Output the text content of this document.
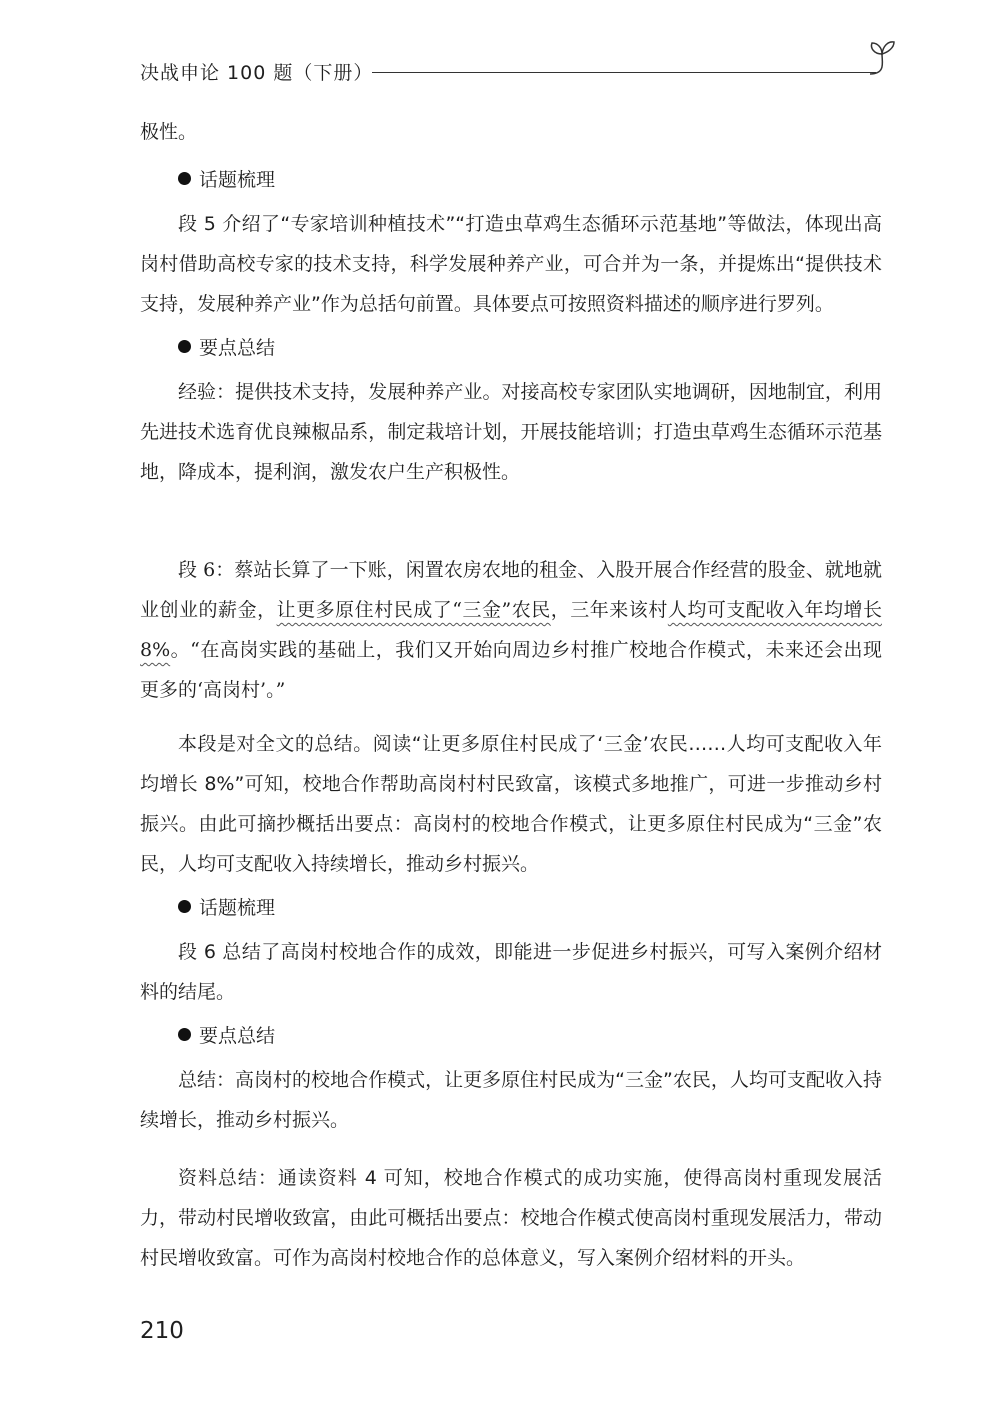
决战申论 100 题（下册）

极性。

话题梳理

段 5 介绍了“专家培训种植技术”“打造虫草鸡生态循环示范基地”等做法，体现出高岗村借助高校专家的技术支持，科学发展种养产业，可合并为一条，并提炼出“提供技术支持，发展种养产业”作为总括句前置。具体要点可按照资料描述的顺序进行罗列。

要点总结

经验：提供技术支持，发展种养产业。对接高校专家团队实地调研，因地制宜，利用先进技术选育优良辣椒品系，制定栽培计划，开展技能培训；打造虫草鸡生态循环示范基地，降成本，提利润，激发农户生产积极性。

段 6：蔡站长算了一下账，闲置农房农地的租金、入股开展合作经营的股金、就地就业创业的薪金，让更多原住村民成了“三金”农民，三年来该村人均可支配收入年均增长 8%。“在高岗实践的基础上，我们又开始向周边乡村推广校地合作模式，未来还会出现更多的‘高岗村’。”

本段是对全文的总结。阅读“让更多原住村民成了‘三金’农民……人均可支配收入年均增长 8%”可知，校地合作帮助高岗村村民致富，该模式多地推广，可进一步推动乡村振兴。由此可摘抄概括出要点：高岗村的校地合作模式，让更多原住村民成为“三金”农民，人均可支配收入持续增长，推动乡村振兴。

话题梳理

段 6 总结了高岗村校地合作的成效，即能进一步促进乡村振兴，可写入案例介绍材料的结尾。

要点总结

总结：高岗村的校地合作模式，让更多原住村民成为“三金”农民，人均可支配收入持续增长，推动乡村振兴。

资料总结：通读资料 4 可知，校地合作模式的成功实施，使得高岗村重现发展活力，带动村民增收致富，由此可概括出要点：校地合作模式使高岗村重现发展活力，带动村民增收致富。可作为高岗村校地合作的总体意义，写入案例介绍材料的开头。

210
